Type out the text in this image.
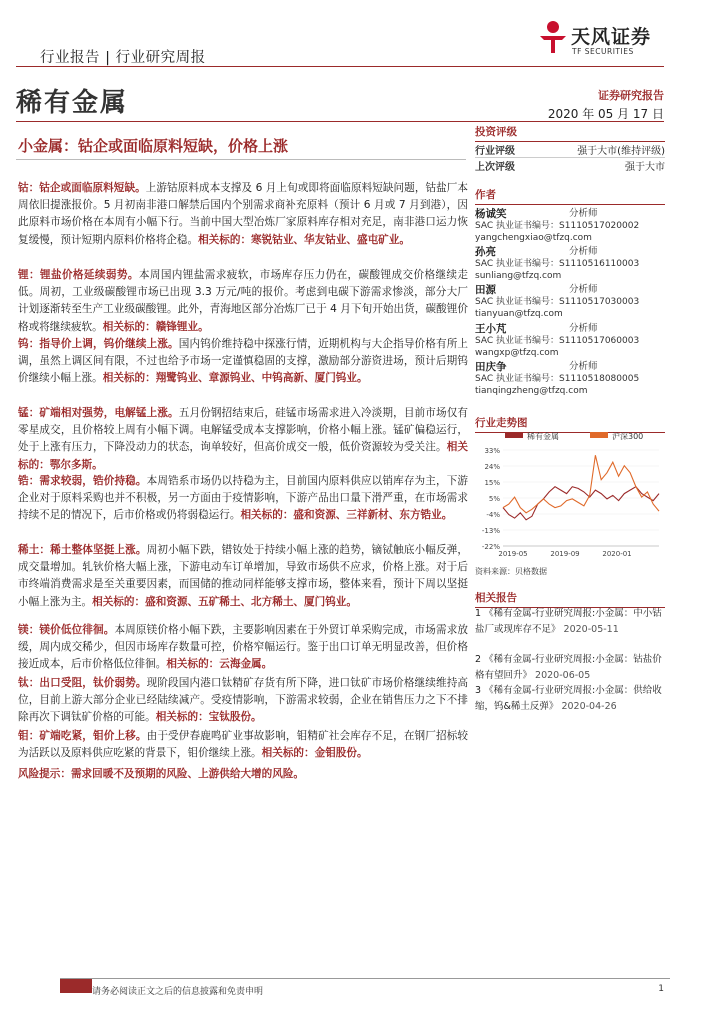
行业报告 | 行业研究周报
天风证券
TF SECURITIES
稀有金属	证券研究报告
2020 年 05 月 17 日
小金属：钴企或面临原料短缺，价格上涨
钴：钴企或面临原料短缺。上游钴原料成本支撑及 6 月上旬或即将面临原料短缺问题，钴盐厂本周依旧提涨报价。5 月初南非港口解禁后国内个别需求商补充原料（预计 6 月或 7 月到港），因此原料市场价格在本周有小幅下行。当前中国大型冶炼厂家原料库存相对充足，南非港口运力恢复缓慢，预计短期内原料价格将企稳。相关标的：寒锐钴业、华友钴业、盛屯矿业。
锂：锂盐价格延续弱势。本周国内锂盐需求疲软，市场库存压力仍在，碳酸锂成交价格继续走低。周初，工业级碳酸锂市场已出现 3.3 万元/吨的报价。考虑到电碳下游需求惨淡，部分大厂计划逐渐转至生产工业级碳酸锂。此外，青海地区部分冶炼厂已于 4 月下旬开始出货，碳酸锂价格或将继续疲软。相关标的：赣锋锂业。
钨：指导价上调，钨价继续上涨。国内钨价维持稳中探涨行情，近期机构与大企指导价格有所上调，虽然上调区间有限，不过也给予市场一定谨慎稳固的支撑，激励部分游资进场，预计后期钨价继续小幅上涨。相关标的：翔鹭钨业、章源钨业、中钨高新、厦门钨业。
锰：矿端相对强势，电解锰上涨。五月份钢招结束后，硅锰市场需求进入冷淡期，目前市场仅有零星成交，且价格较上周有小幅下调。电解锰受成本支撑影响，价格小幅上涨。锰矿偏稳运行，处于上涨有压力，下降没动力的状态，询单较好，但高价成交一般，低价资源较为受关注。相关标的：鄂尔多斯。
锆：需求较弱，锆价持稳。本周锆系市场仍以持稳为主，目前国内原料供应以销库存为主，下游企业对于原料采购也并不积极，另一方面由于疫情影响，下游产品出口量下滑严重，在市场需求持续不足的情况下，后市价格或仍将弱稳运行。相关标的：盛和资源、三祥新材、东方锆业。
稀土：稀土整体坚挺上涨。周初小幅下跌，镨钕处于持续小幅上涨的趋势，镝铽触底小幅反弹，成交量增加。轧钬价格大幅上涨，下游电动车订单增加，导致市场供不应求，价格上涨。对于后市终端消费需求是至关重要因素，而国储的推动同样能够支撑市场，整体来看，预计下周以坚挺小幅上涨为主。相关标的：盛和资源、五矿稀土、北方稀土、厦门钨业。
镁：镁价低位徘徊。本周原镁价格小幅下跌，主要影响因素在于外贸订单采购完成，市场需求放缓，周内成交稀少，但因市场库存数量可控，价格窄幅运行。鉴于出口订单无明显改善，但价格接近成本，后市价格低位徘徊。相关标的：云海金属。
钛：出口受阻，钛价弱势。现阶段国内港口钛精矿存货有所下降，进口钛矿市场价格继续维持高位，目前上游大部分企业已经陆续减产。受疫情影响，下游需求较弱，企业在销售压力之下不排除再次下调钛矿价格的可能。相关标的：宝钛股份。
钼：矿端吃紧，钼价上移。由于受伊春鹿鸣矿业事故影响，钼精矿社会库存不足，在钢厂招标较为活跃以及原料供应吃紧的背景下，钼价继续上涨。相关标的：金钼股份。
风险提示：需求回暖不及预期的风险、上游供给大增的风险。
投资评级
行业评级	强于大市(维持评级)
上次评级	强于大市
作者
杨诚笑	分析师
SAC 执业证书编号：S1110517020002
yangchengxiao@tfzq.com
孙亮	分析师
SAC 执业证书编号：S1110516110003
sunliang@tfzq.com
田源	分析师
SAC 执业证书编号：S1110517030003
tianyuan@tfzq.com
王小芃	分析师
SAC 执业证书编号：S1110517060003
wangxp@tfzq.com
田庆争	分析师
SAC 执业证书编号：S1110518080005
tianqingzheng@tfzq.com
行业走势图
稀有金属	沪深300
33%
24%
15%
5%
-4%
-13%
-22%
2019-05	2019-09	2020-01
资料来源：贝格数据
相关报告
1 《稀有金属-行业研究周报:小金属：中小钴盐厂或现库存不足》 2020-05-11
2 《稀有金属-行业研究周报:小金属：钴盐价格有望回升》 2020-06-05
3 《稀有金属-行业研究周报:小金属：供给收缩，钨&稀土反弹》 2020-04-26
请务必阅读正文之后的信息披露和免责申明	1
